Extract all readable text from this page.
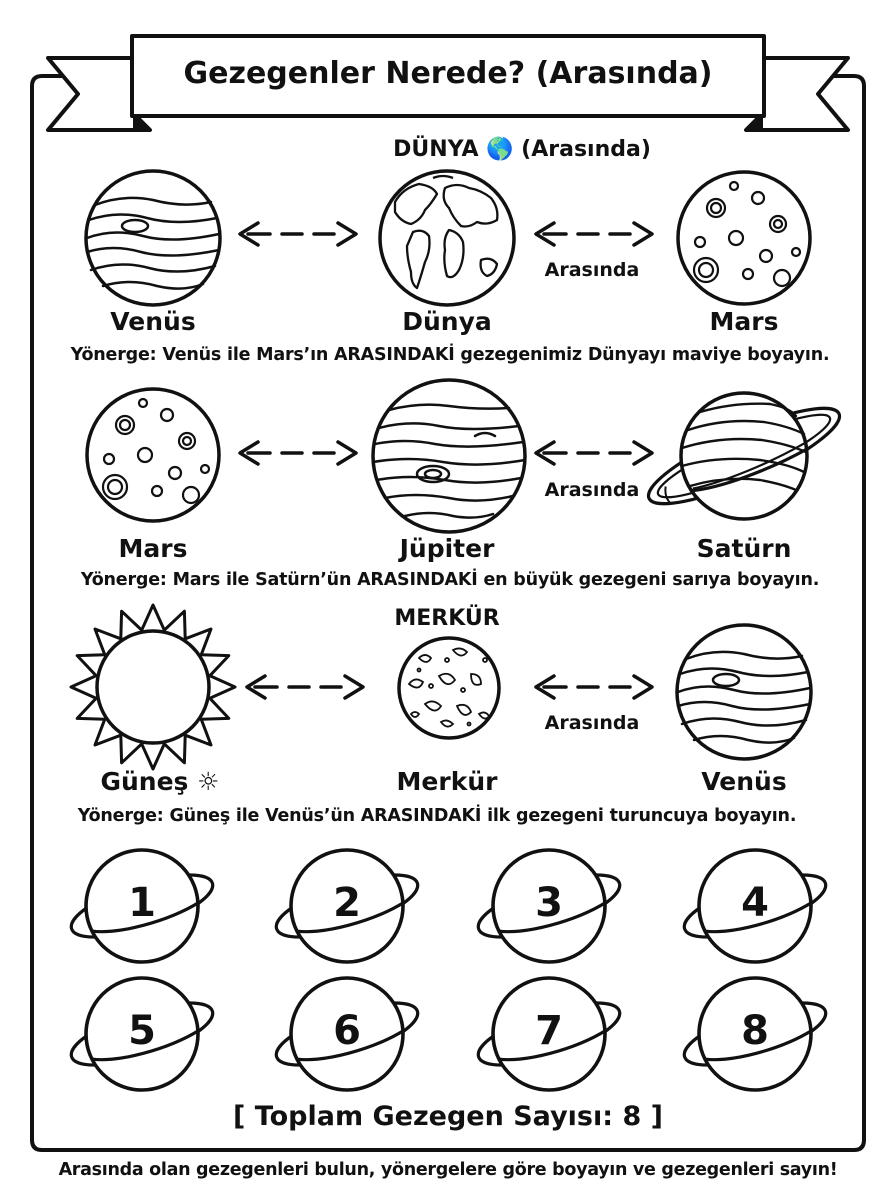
Gezegenler Nerede? (Arasında)
DÜNYA 🌎 (Arasında)
Arasında
Venüs	Dünya	Mars
Yönerge: Venüs ile Mars’ın ARASINDAKİ gezegenimiz Dünyayı maviye boyayın.
Arasında
Mars	Jüpiter	Satürn
Yönerge: Mars ile Satürn’ün ARASINDAKİ en büyük gezegeni sarıya boyayın.
MERKÜR
Arasında
Güneş ☼	Merkür	Venüs
Yönerge: Güneş ile Venüs’ün ARASINDAKİ ilk gezegeni turuncuya boyayın.
1	2	3	4
5	6	7	8
[ Toplam Gezegen Sayısı: 8 ]
Arasında olan gezegenleri bulun, yönergelere göre boyayın ve gezegenleri sayın!
